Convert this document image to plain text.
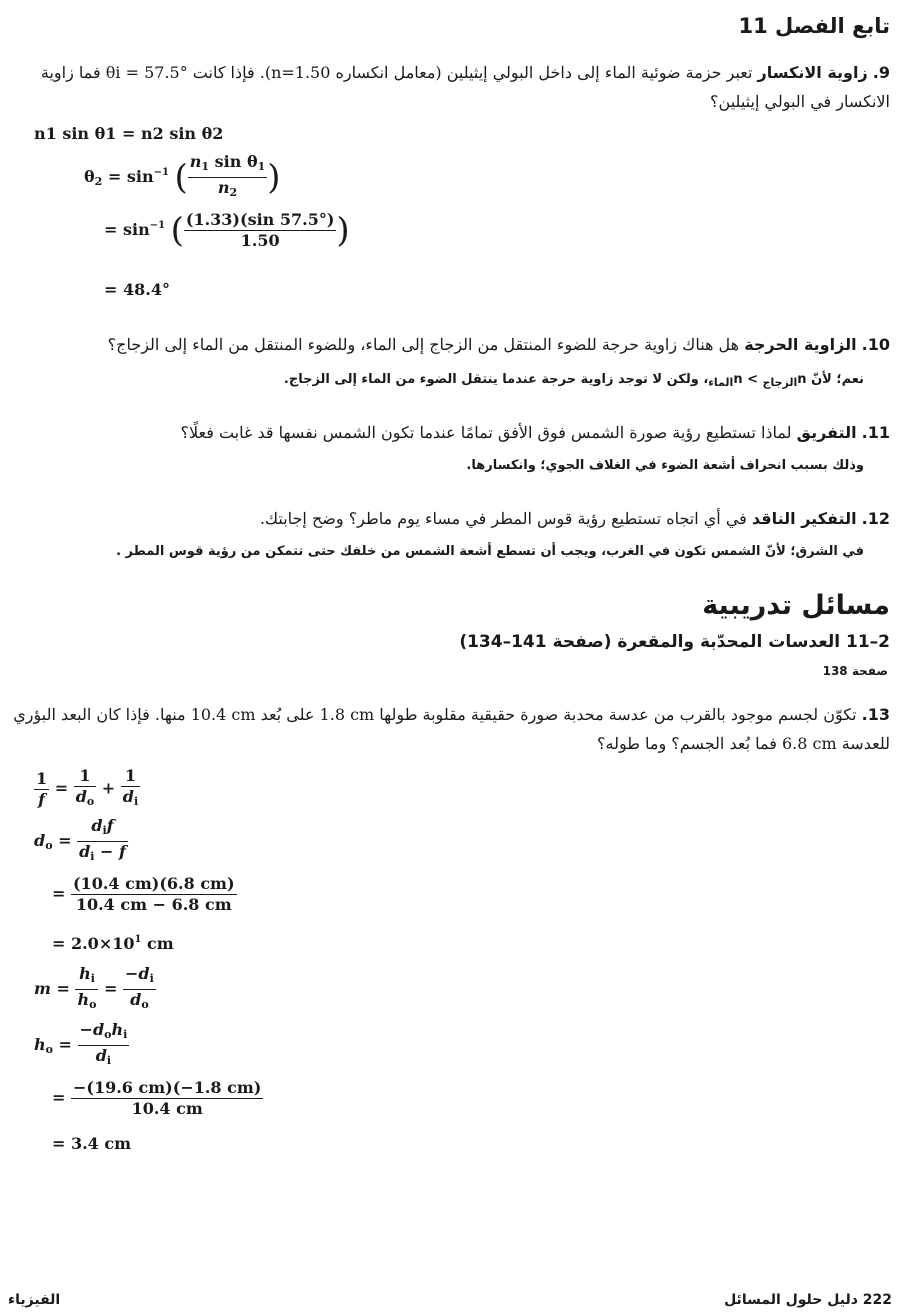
تابع الفصل 11
9. زاوية الانكسار تعبر حزمة ضوئية الماء إلى داخل البولي إيثيلين (معامل انكساره n=1.50). فإذا كانت θi = 57.5° فما زاوية الانكسار في البولي إيثيلين؟
n1 sin θ1 = n2 sin θ2
$\theta_2 = \sin^{-1}$ ( $\frac{n_1 \sin \theta_1}{n_2}$ )
= $\sin^{-1}$ ( $\frac{(1.33)(\sin 57.5^\circ)}{1.50}$ )
= 48.4°
10. الزاوية الحرجة هل هناك زاوية حرجة للضوء المنتقل من الزجاج إلى الماء، وللضوء المنتقل من الماء إلى الزجاج؟
نعم؛ لأنّ $n_{الزجاج}$ > $n_{الماء}،$ ولكن لا توجد زاوية حرجة عندما ينتقل الضوء من الماء إلى الزجاج.
11. التفريق لماذا تستطيع رؤية صورة الشمس فوق الأفق تمامًا عندما تكون الشمس نفسها قد غابت فعلًا؟
وذلك بسبب انحراف أشعة الضوء في الغلاف الجوي؛ وانكسارها.
12. التفكير الناقد في أي اتجاه تستطيع رؤية قوس المطر في مساء يوم ماطر؟ وضح إجابتك.
في الشرق؛ لأنّ الشمس تكون في الغرب، ويجب أن تسطع أشعة الشمس من خلفك حتى تتمكن من رؤية قوس المطر .
مسائل تدريبية
2–11 العدسات المحدّبة والمقعرة (صفحة 141–134)
صفحة 138
13. تكوّن لجسم موجود بالقرب من عدسة محدبة صورة حقيقية مقلوبة طولها 1.8 cm على بُعد 10.4 cm منها. فإذا كان البعد البؤري للعدسة 6.8 cm فما بُعد الجسم؟ وما طوله؟
$\frac{1}{f} = \frac{1}{d_o} + \frac{1}{d_i}$
$d_o = \frac{d_if}{d_i - f}$
= $\frac{(10.4 cm)(6.8 cm)}{10.4 cm - 6.8 cm}$
= $2.0\times 10^1$ cm
$m = \frac{h_i}{h_o} = \frac{-d_i}{d_o}$
$h_o = \frac{-d_oh_i}{d_i}$
= $\frac{-(19.6 cm)(-1.8 cm)}{10.4 cm}$
= 3.4 cm
الفيزياء	222 دليل حلول المسائل
